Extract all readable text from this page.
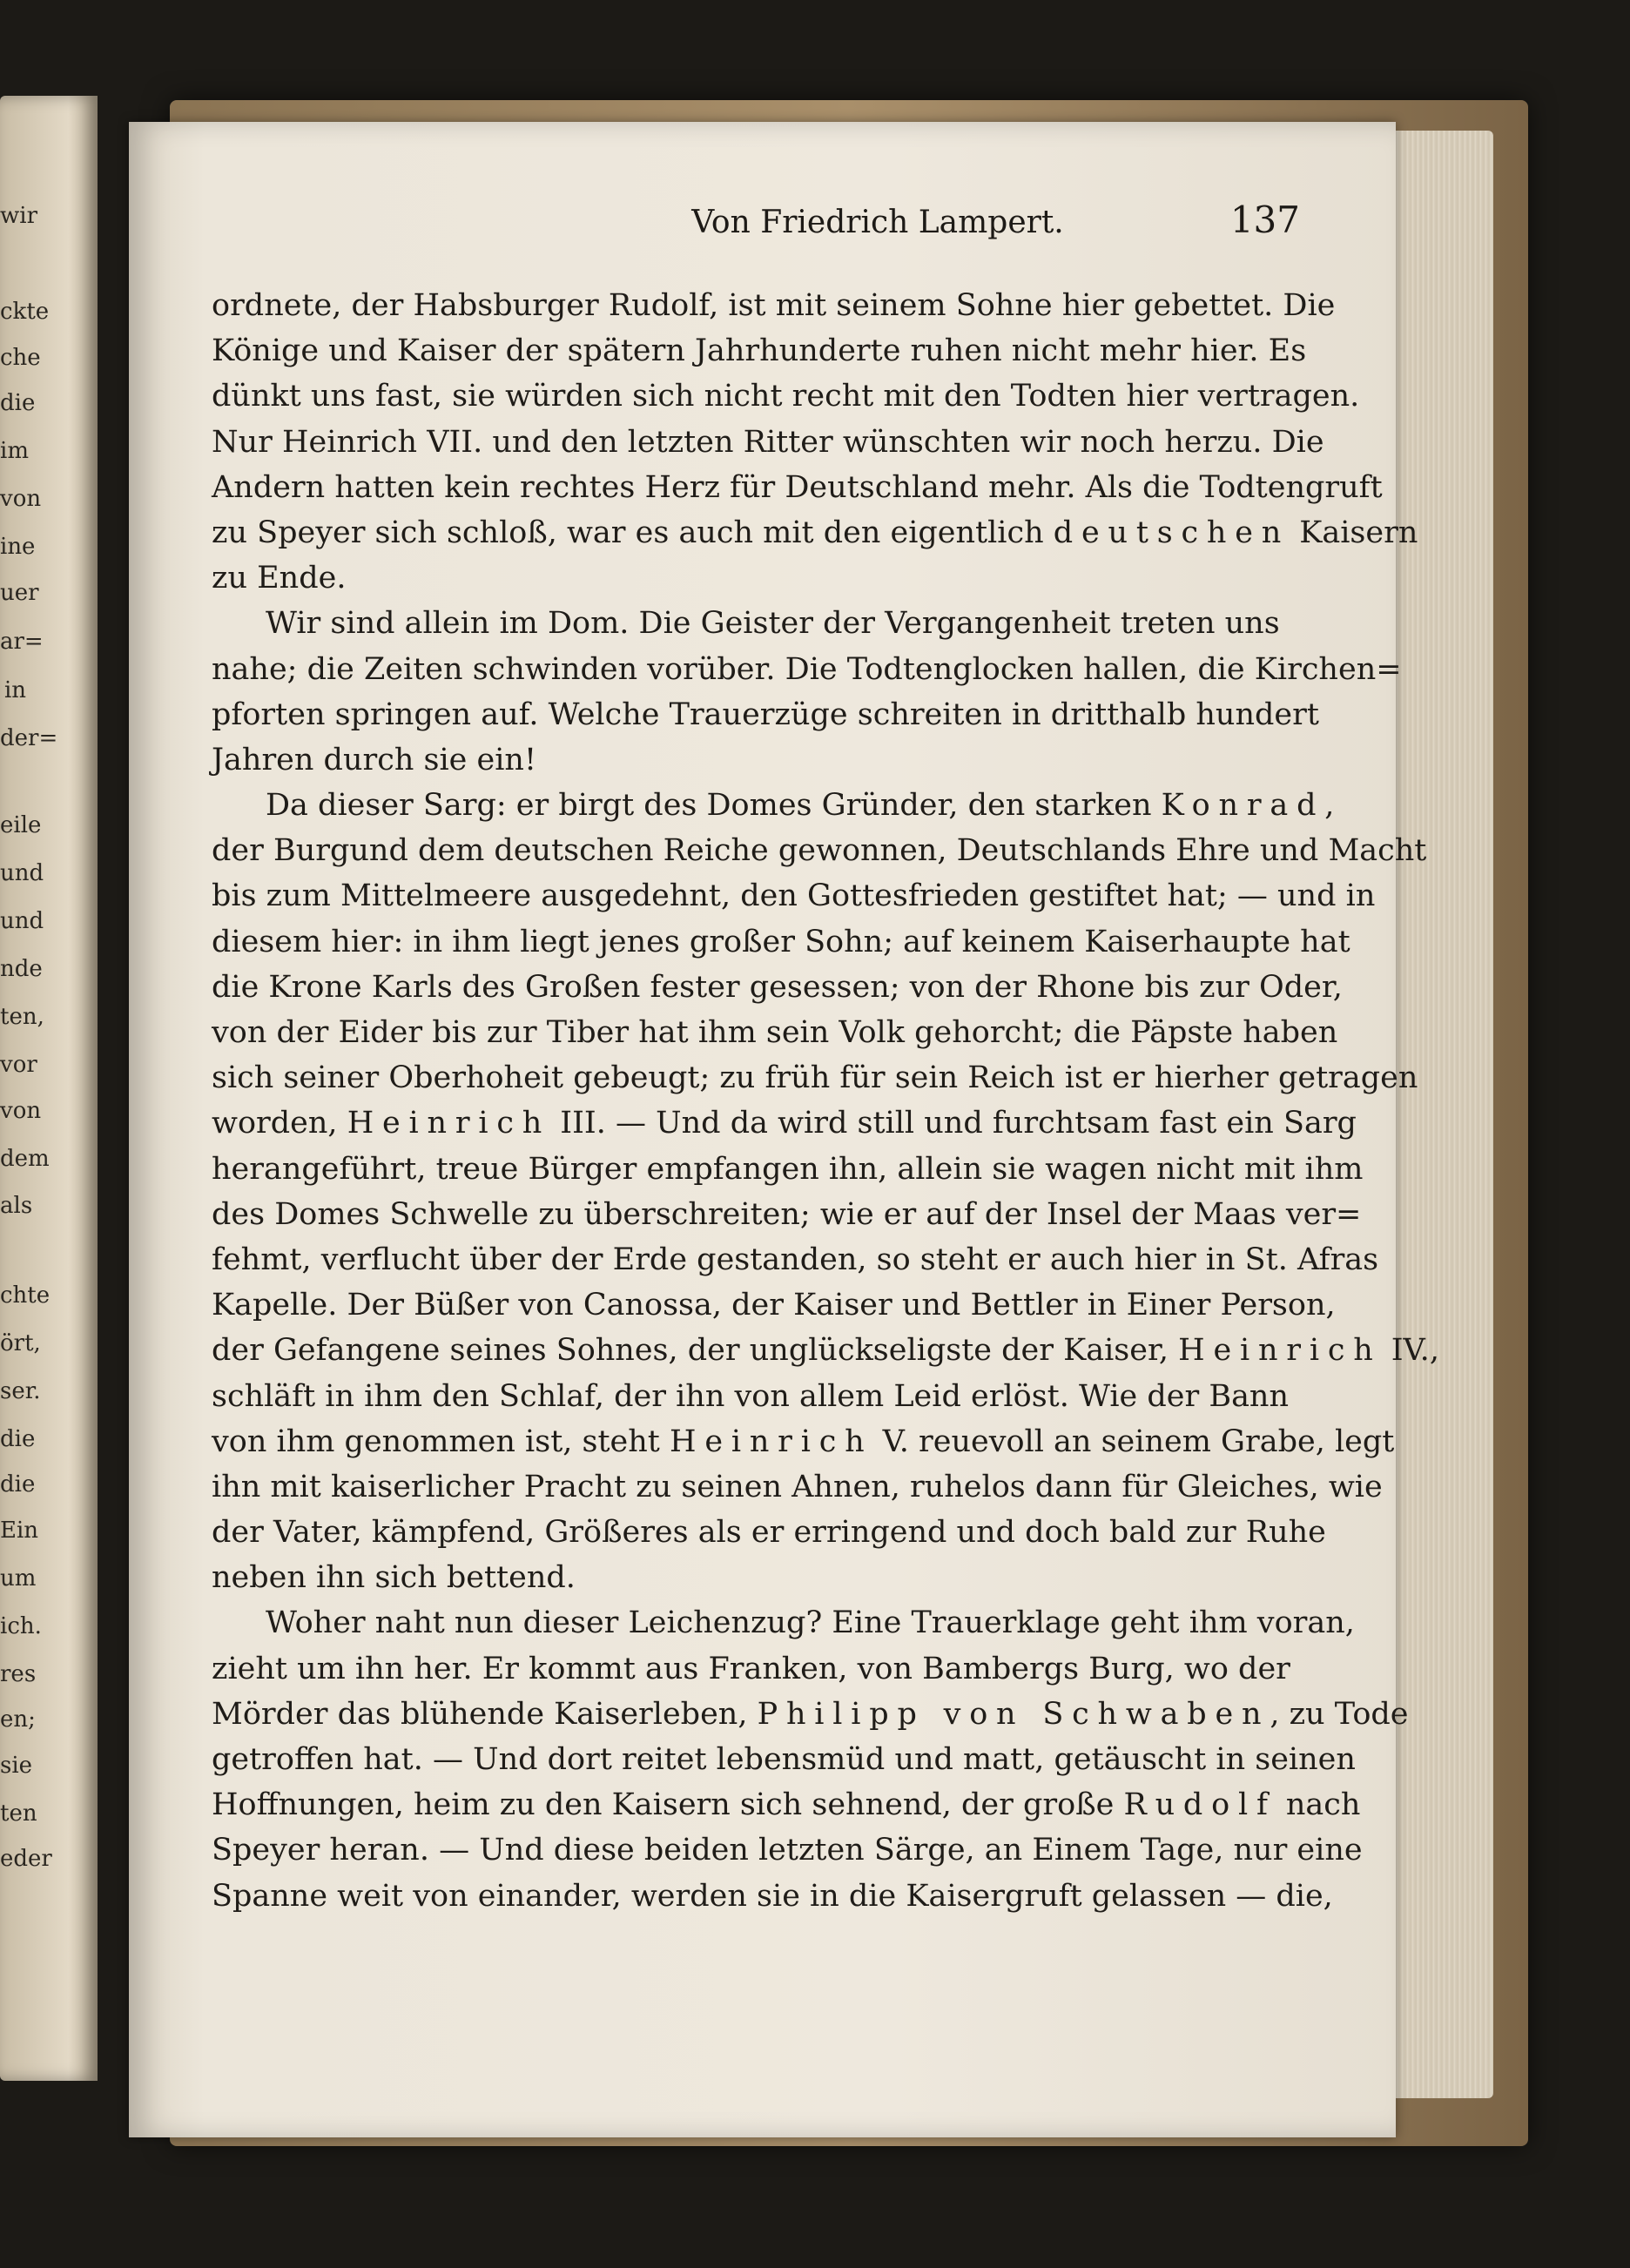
wir
ckte
che
die
im
von
ine
uer
ar=
in
der=
eile
und
und
nde
ten,
vor
von
dem
als
chte
ört,
ser.
die
die
Ein
um
ich.
res
en;
sie
ten
eder
Von Friedrich Lampert.	137
ordnete, der Habsburger Rudolf, ist mit seinem Sohne hier gebettet. Die
Könige und Kaiser der spätern Jahrhunderte ruhen nicht mehr hier. Es
dünkt uns fast, sie würden sich nicht recht mit den Todten hier vertragen.
Nur Heinrich VII. und den letzten Ritter wünschten wir noch herzu. Die
Andern hatten kein rechtes Herz für Deutschland mehr. Als die Todtengruft
zu Speyer sich schloß, war es auch mit den eigentlich deutschen Kaisern
zu Ende.
Wir sind allein im Dom. Die Geister der Vergangenheit treten uns
nahe; die Zeiten schwinden vorüber. Die Todtenglocken hallen, die Kirchen=
pforten springen auf. Welche Trauerzüge schreiten in dritthalb hundert
Jahren durch sie ein!
Da dieser Sarg: er birgt des Domes Gründer, den starken Konrad,
der Burgund dem deutschen Reiche gewonnen, Deutschlands Ehre und Macht
bis zum Mittelmeere ausgedehnt, den Gottesfrieden gestiftet hat; — und in
diesem hier: in ihm liegt jenes großer Sohn; auf keinem Kaiserhaupte hat
die Krone Karls des Großen fester gesessen; von der Rhone bis zur Oder,
von der Eider bis zur Tiber hat ihm sein Volk gehorcht; die Päpste haben
sich seiner Oberhoheit gebeugt; zu früh für sein Reich ist er hierher getragen
worden, Heinrich III. — Und da wird still und furchtsam fast ein Sarg
herangeführt, treue Bürger empfangen ihn, allein sie wagen nicht mit ihm
des Domes Schwelle zu überschreiten; wie er auf der Insel der Maas ver=
fehmt, verflucht über der Erde gestanden, so steht er auch hier in St. Afras
Kapelle. Der Büßer von Canossa, der Kaiser und Bettler in Einer Person,
der Gefangene seines Sohnes, der unglückseligste der Kaiser, Heinrich IV.,
schläft in ihm den Schlaf, der ihn von allem Leid erlöst. Wie der Bann
von ihm genommen ist, steht Heinrich V. reuevoll an seinem Grabe, legt
ihn mit kaiserlicher Pracht zu seinen Ahnen, ruhelos dann für Gleiches, wie
der Vater, kämpfend, Größeres als er erringend und doch bald zur Ruhe
neben ihn sich bettend.
Woher naht nun dieser Leichenzug? Eine Trauerklage geht ihm voran,
zieht um ihn her. Er kommt aus Franken, von Bambergs Burg, wo der
Mörder das blühende Kaiserleben, Philipp von Schwaben, zu Tode
getroffen hat. — Und dort reitet lebensmüd und matt, getäuscht in seinen
Hoffnungen, heim zu den Kaisern sich sehnend, der große Rudolf nach
Speyer heran. — Und diese beiden letzten Särge, an Einem Tage, nur eine
Spanne weit von einander, werden sie in die Kaisergruft gelassen — die,
